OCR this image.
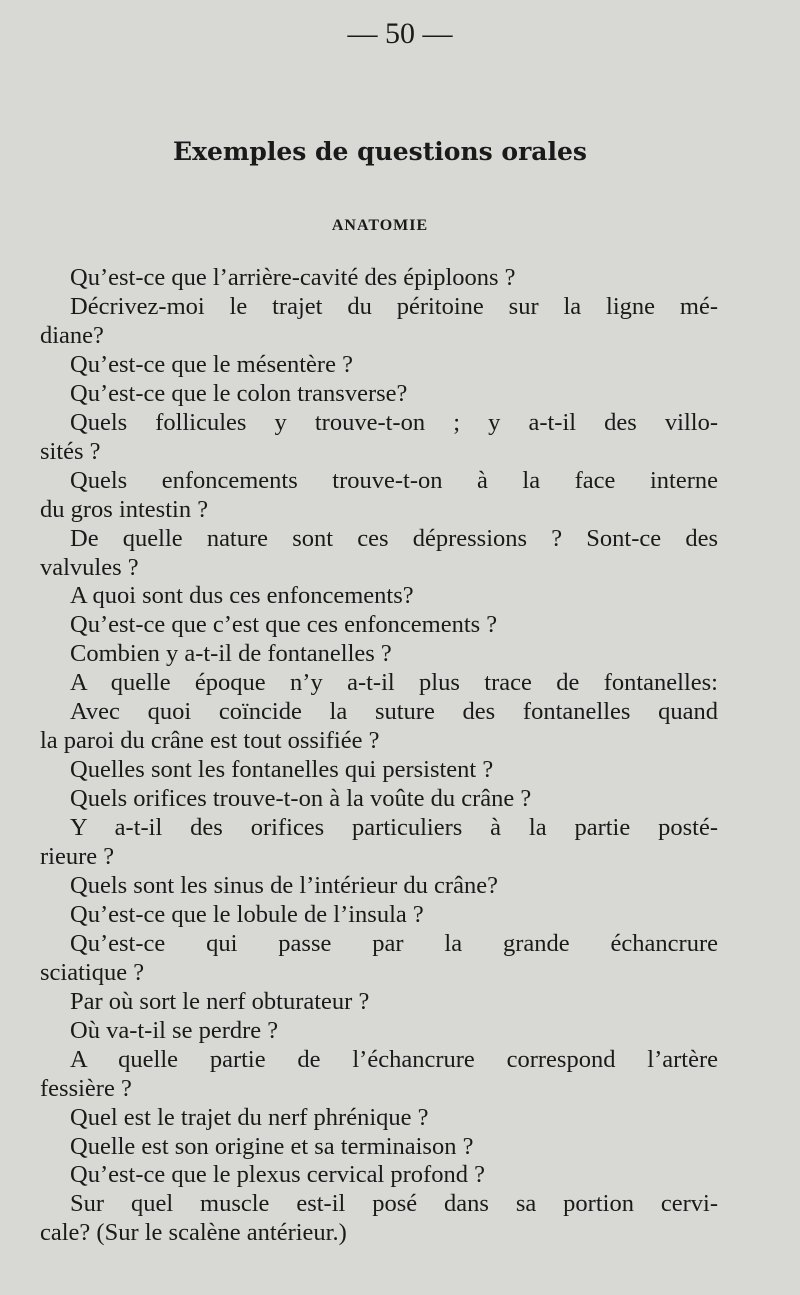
— 50 —
Exemples de questions orales
ANATOMIE
Qu’est-ce que l’arrière-cavité des épiploons ?
Décrivez-moi le trajet du péritoine sur la ligne mé-
diane?
Qu’est-ce que le mésentère ?
Qu’est-ce que le colon transverse?
Quels follicules y trouve-t-on ; y a-t-il des villo-
sités ?
Quels enfoncements trouve-t-on à la face interne
du gros intestin ?
De quelle nature sont ces dépressions ? Sont-ce des
valvules ?
A quoi sont dus ces enfoncements?
Qu’est-ce que c’est que ces enfoncements ?
Combien y a-t-il de fontanelles ?
A quelle époque n’y a-t-il plus trace de fontanelles:
Avec quoi coïncide la suture des fontanelles quand
la paroi du crâne est tout ossifiée ?
Quelles sont les fontanelles qui persistent ?
Quels orifices trouve-t-on à la voûte du crâne ?
Y a-t-il des orifices particuliers à la partie posté-
rieure ?
Quels sont les sinus de l’intérieur du crâne?
Qu’est-ce que le lobule de l’insula ?
Qu’est-ce qui passe par la grande échancrure
sciatique ?
Par où sort le nerf obturateur ?
Où va-t-il se perdre ?
A quelle partie de l’échancrure correspond l’artère
fessière ?
Quel est le trajet du nerf phrénique ?
Quelle est son origine et sa terminaison ?
Qu’est-ce que le plexus cervical profond ?
Sur quel muscle est-il posé dans sa portion cervi-
cale? (Sur le scalène antérieur.)
